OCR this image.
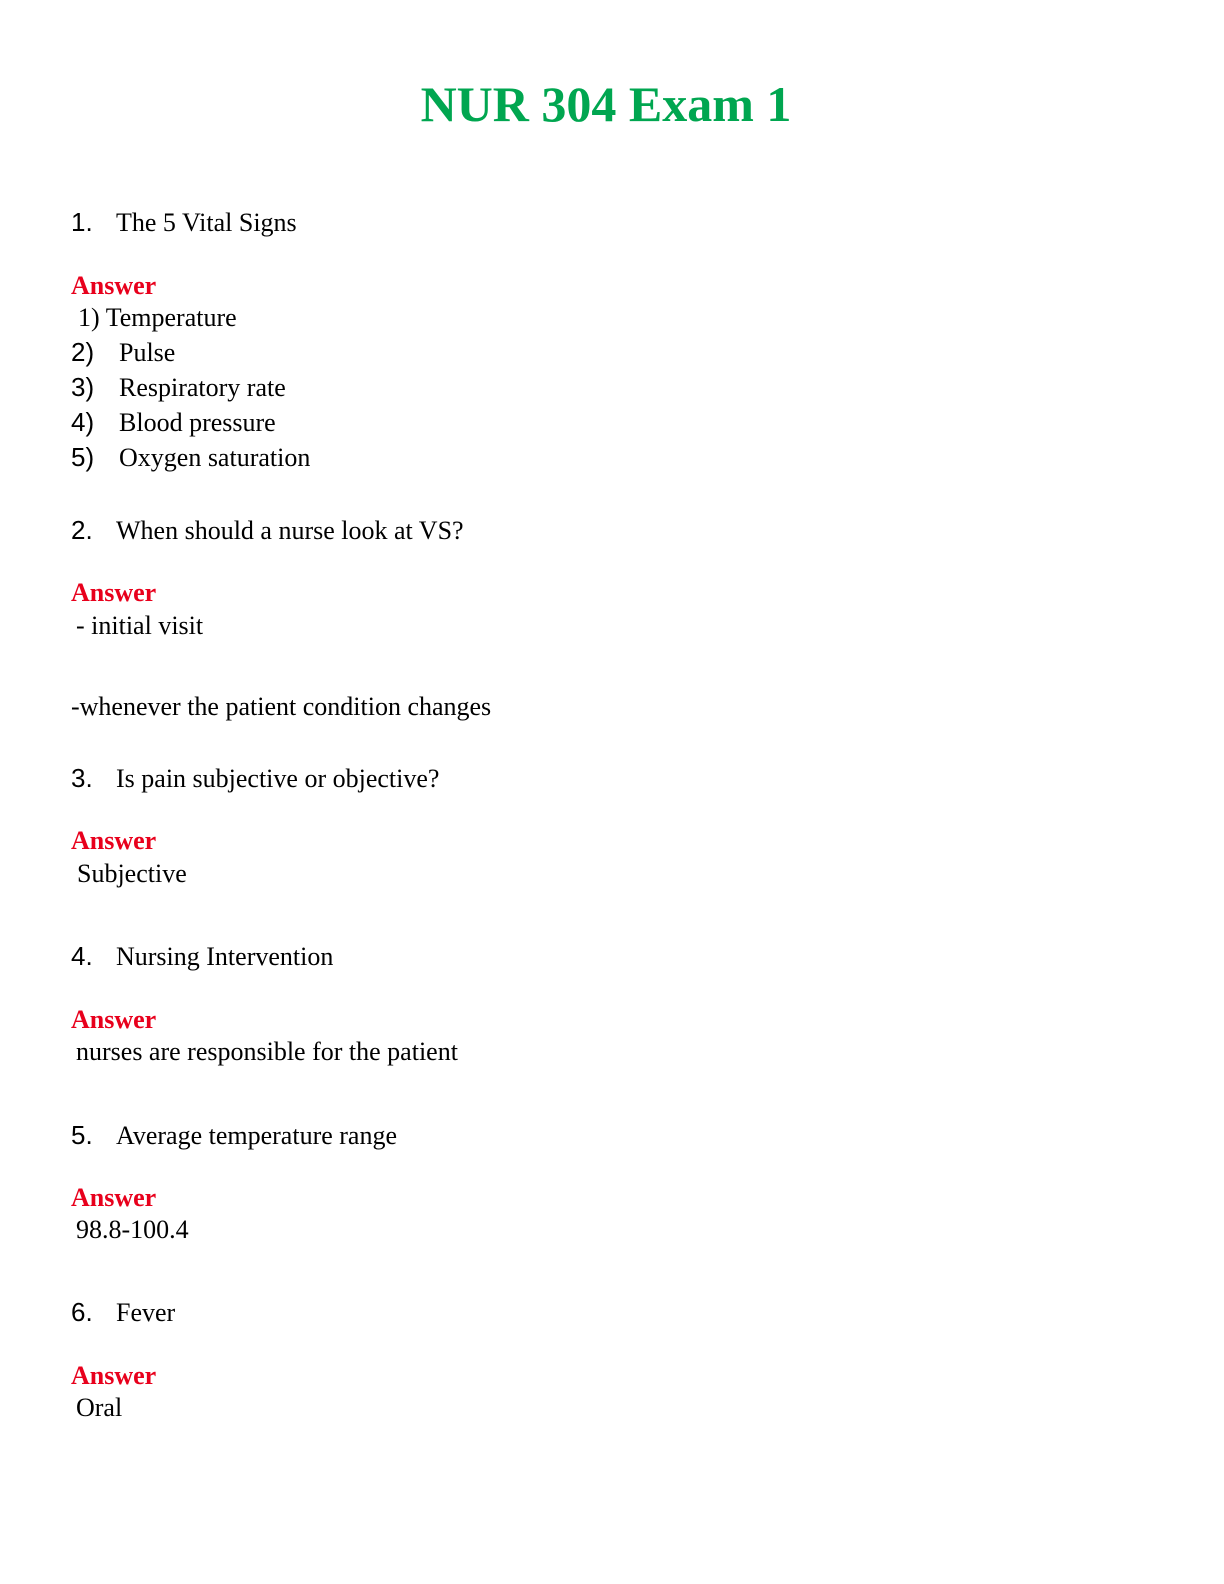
NUR 304 Exam 1
1. The 5 Vital Signs
Answer
1) Temperature
2) Pulse
3) Respiratory rate
4) Blood pressure
5) Oxygen saturation
2. When should a nurse look at VS?
Answer
- initial visit
-whenever the patient condition changes
3. Is pain subjective or objective?
Answer
Subjective
4. Nursing Intervention
Answer
nurses are responsible for the patient
5. Average temperature range
Answer
98.8-100.4
6. Fever
Answer
Oral
